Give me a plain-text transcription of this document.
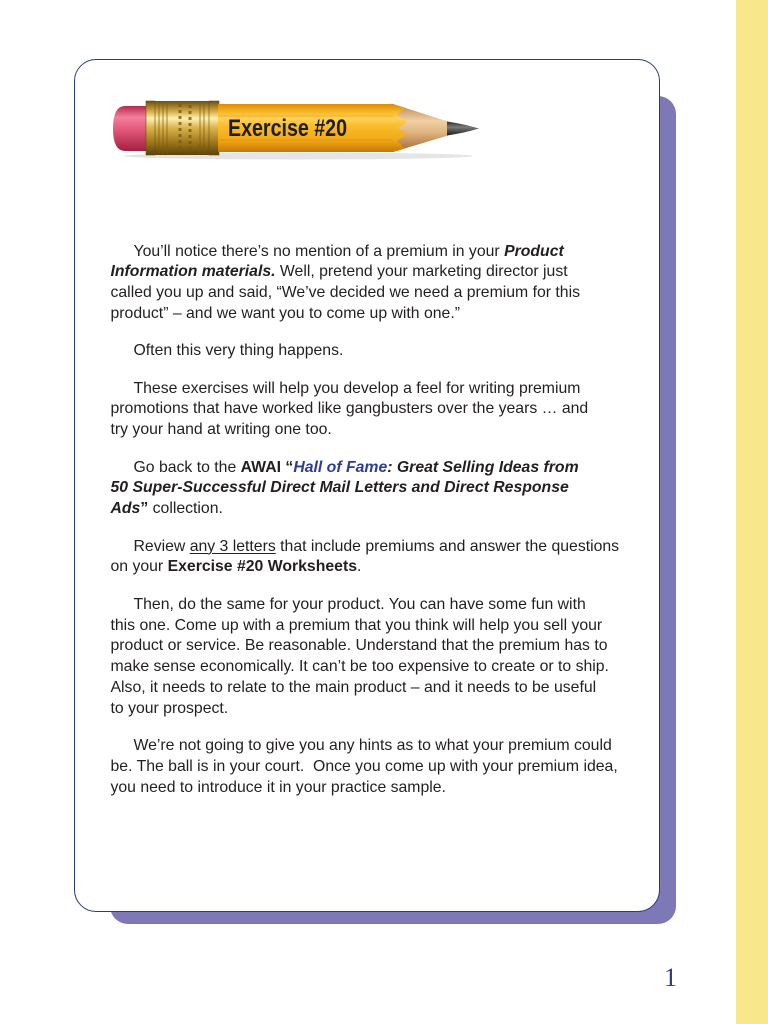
Exercise #20
You’ll notice there’s no mention of a premium in your Product
Information materials. Well, pretend your marketing director just
called you up and said, “We’ve decided we need a premium for this
product” – and we want you to come up with one.”
Often this very thing happens.
These exercises will help you develop a feel for writing premium
promotions that have worked like gangbusters over the years … and
try your hand at writing one too.
Go back to the AWAI “Hall of Fame: Great Selling Ideas from
50 Super-Successful Direct Mail Letters and Direct Response
Ads” collection.
Review any 3 letters that include premiums and answer the questions
on your Exercise #20 Worksheets.
Then, do the same for your product. You can have some fun with
this one. Come up with a premium that you think will help you sell your
product or service. Be reasonable. Understand that the premium has to
make sense economically. It can’t be too expensive to create or to ship.
Also, it needs to relate to the main product – and it needs to be useful
to your prospect.
We’re not going to give you any hints as to what your premium could
be. The ball is in your court.  Once you come up with your premium idea,
you need to introduce it in your practice sample.
1
